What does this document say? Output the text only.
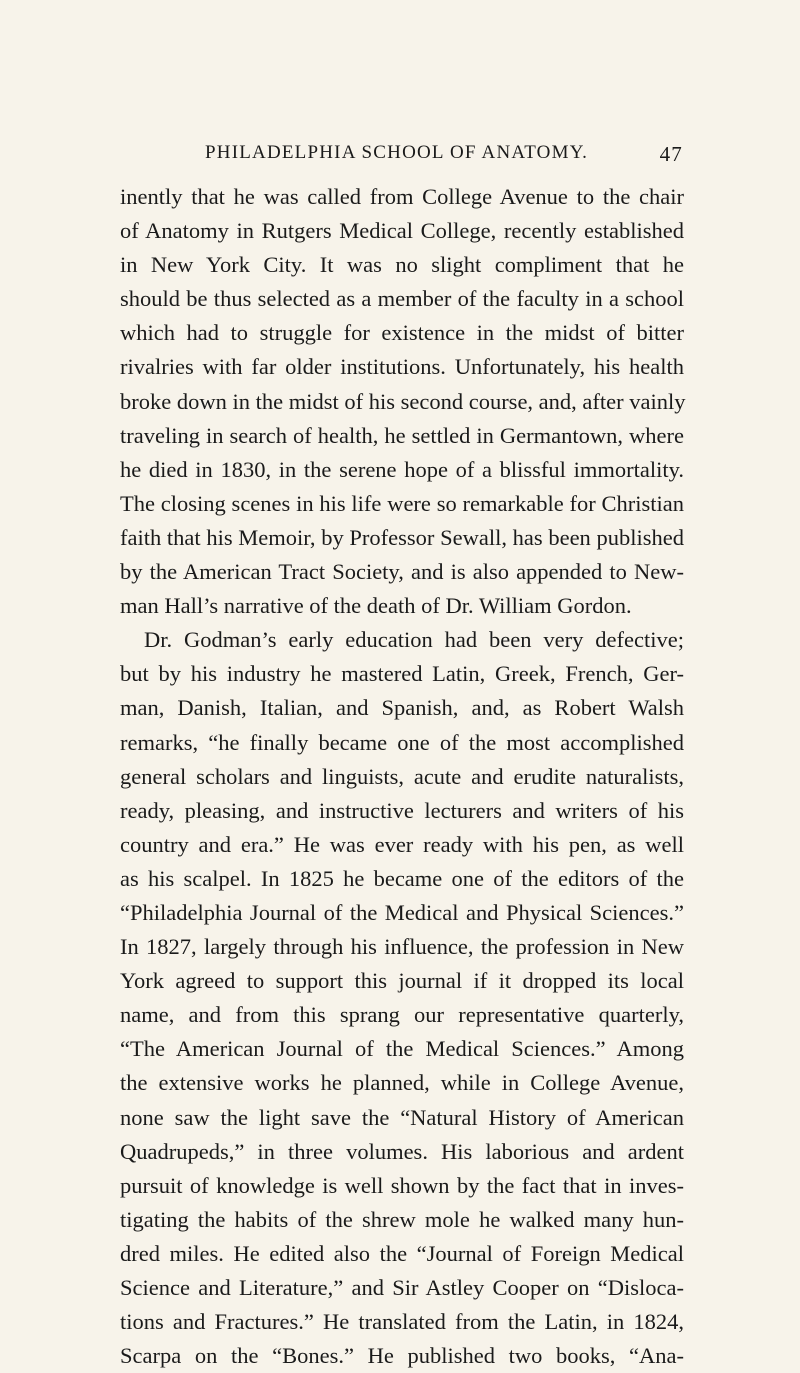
PHILADELPHIA SCHOOL OF ANATOMY.	47
inently that he was called from College Avenue to the chair
of Anatomy in Rutgers Medical College, recently established
in New York City. It was no slight compliment that he
should be thus selected as a member of the faculty in a school
which had to struggle for existence in the midst of bitter
rivalries with far older institutions. Unfortunately, his health
broke down in the midst of his second course, and, after vainly
traveling in search of health, he settled in Germantown, where
he died in 1830, in the serene hope of a blissful immortality.
The closing scenes in his life were so remarkable for Christian
faith that his Memoir, by Professor Sewall, has been published
by the American Tract Society, and is also appended to New-
man Hall’s narrative of the death of Dr. William Gordon.
Dr. Godman’s early education had been very defective;
but by his industry he mastered Latin, Greek, French, Ger-
man, Danish, Italian, and Spanish, and, as Robert Walsh
remarks, “he finally became one of the most accomplished
general scholars and linguists, acute and erudite naturalists,
ready, pleasing, and instructive lecturers and writers of his
country and era.” He was ever ready with his pen, as well
as his scalpel. In 1825 he became one of the editors of the
“Philadelphia Journal of the Medical and Physical Sciences.”
In 1827, largely through his influence, the profession in New
York agreed to support this journal if it dropped its local
name, and from this sprang our representative quarterly,
“The American Journal of the Medical Sciences.” Among
the extensive works he planned, while in College Avenue,
none saw the light save the “Natural History of American
Quadrupeds,” in three volumes. His laborious and ardent
pursuit of knowledge is well shown by the fact that in inves-
tigating the habits of the shrew mole he walked many hun-
dred miles. He edited also the “Journal of Foreign Medical
Science and Literature,” and Sir Astley Cooper on “Disloca-
tions and Fractures.” He translated from the Latin, in 1824,
Scarpa on the “Bones.” He published two books, “Ana-
